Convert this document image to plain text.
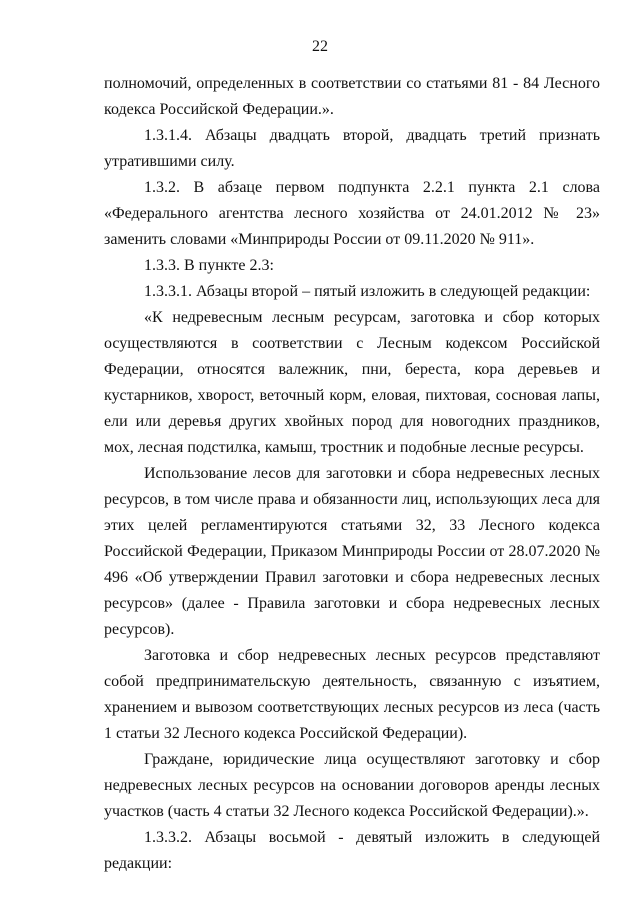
22

полномочий, определенных в соответствии со статьями 81 - 84 Лесного кодекса Российской Федерации.».

1.3.1.4. Абзацы двадцать второй, двадцать третий признать утратившими силу.

1.3.2. В абзаце первом подпункта 2.2.1 пункта 2.1 слова «Федерального агентства лесного хозяйства от 24.01.2012 № 23» заменить словами «Минприроды России от 09.11.2020 № 911».

1.3.3. В пункте 2.3:

1.3.3.1. Абзацы второй – пятый изложить в следующей редакции:

«К недревесным лесным ресурсам, заготовка и сбор которых осуществляются в соответствии с Лесным кодексом Российской Федерации, относятся валежник, пни, береста, кора деревьев и кустарников, хворост, веточный корм, еловая, пихтовая, сосновая лапы, ели или деревья других хвойных пород для новогодних праздников, мох, лесная подстилка, камыш, тростник и подобные лесные ресурсы.

Использование лесов для заготовки и сбора недревесных лесных ресурсов, в том числе права и обязанности лиц, использующих леса для этих целей регламентируются статьями 32, 33 Лесного кодекса Российской Федерации, Приказом Минприроды России от 28.07.2020 № 496 «Об утверждении Правил заготовки и сбора недревесных лесных ресурсов» (далее - Правила заготовки и сбора недревесных лесных ресурсов).

Заготовка и сбор недревесных лесных ресурсов представляют собой предпринимательскую деятельность, связанную с изъятием, хранением и вывозом соответствующих лесных ресурсов из леса (часть 1 статьи 32 Лесного кодекса Российской Федерации).

Граждане, юридические лица осуществляют заготовку и сбор недревесных лесных ресурсов на основании договоров аренды лесных участков (часть 4 статьи 32 Лесного кодекса Российской Федерации).».

1.3.3.2. Абзацы восьмой - девятый изложить в следующей редакции:
